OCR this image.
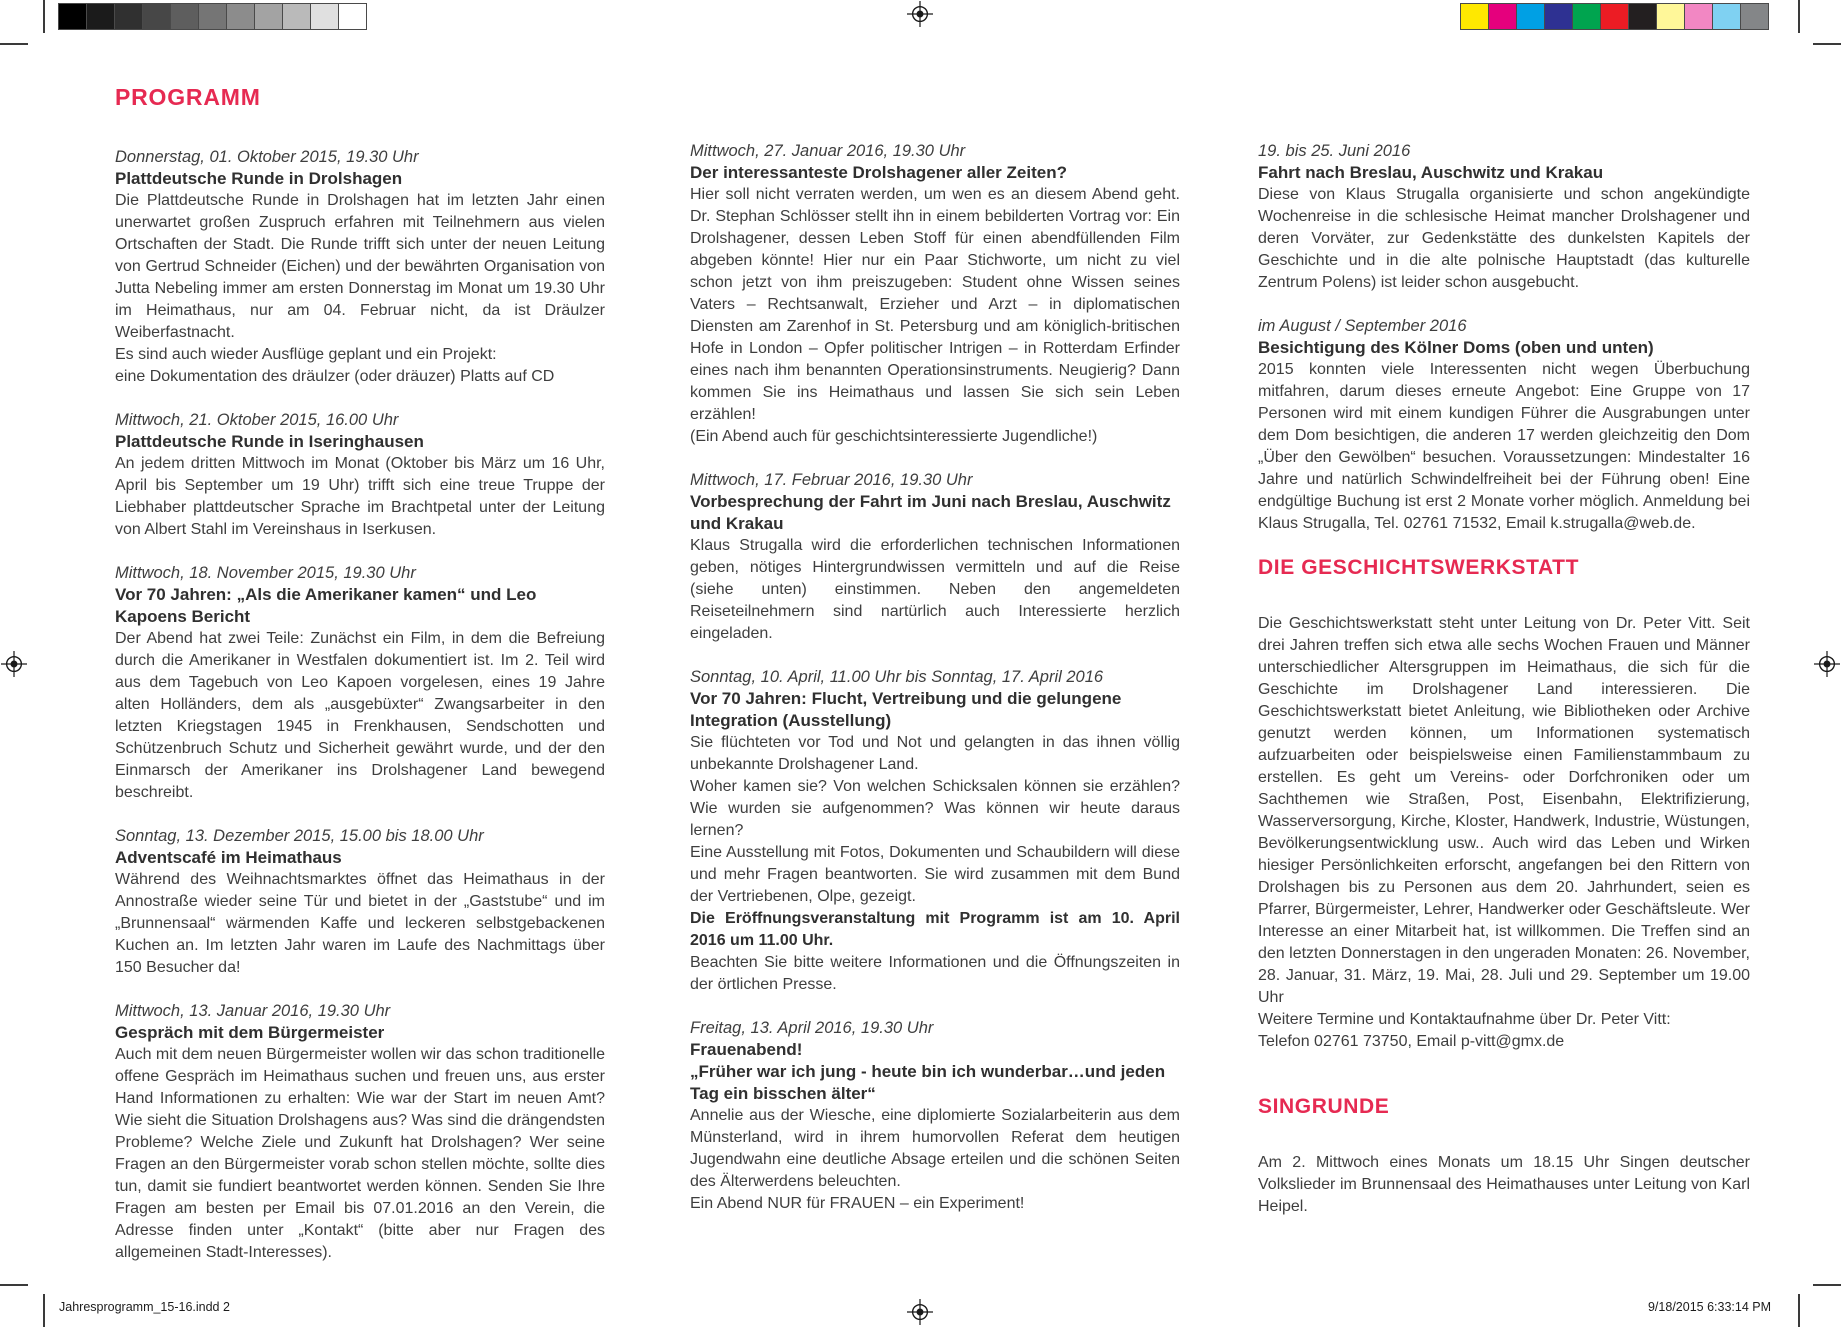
PROGRAMM

Donnerstag, 01. Oktober 2015, 19.30 Uhr

Plattdeutsche Runde in Drolshagen

Die Plattdeutsche Runde in Drolshagen hat im letzten Jahr einen unerwartet großen Zuspruch erfahren mit Teilnehmern aus vielen Ortschaften der Stadt. Die Runde trifft sich unter der neuen Leitung von Gertrud Schneider (Eichen) und der bewährten Organisation von Jutta Nebeling immer am ersten Donnerstag im Monat um 19.30 Uhr im Heimathaus, nur am 04. Februar nicht, da ist Dräulzer Weiberfastnacht.

Es sind auch wieder Ausflüge geplant und ein Projekt:

eine Dokumentation des dräulzer (oder dräuzer) Platts auf CD

Mittwoch, 21. Oktober 2015, 16.00 Uhr

Plattdeutsche Runde in Iseringhausen

An jedem dritten Mittwoch im Monat (Oktober bis März um 16 Uhr, April bis September um 19 Uhr) trifft sich eine treue Truppe der Liebhaber plattdeutscher Sprache im Brachtpetal unter der Leitung von Albert Stahl im Vereinshaus in Iserkusen.

Mittwoch, 18. November 2015, 19.30 Uhr

Vor 70 Jahren: „Als die Amerikaner kamen“ und Leo Kapoens Bericht

Der Abend hat zwei Teile: Zunächst ein Film, in dem die Befreiung durch die Amerikaner in Westfalen dokumentiert ist. Im 2. Teil wird aus dem Tagebuch von Leo Kapoen vorgelesen, eines 19 Jahre alten Holländers, dem als „ausgebüxter“ Zwangsarbeiter in den letzten Kriegstagen 1945 in Frenkhausen, Sendschotten und Schützenbruch Schutz und Sicherheit gewährt wurde, und der den Einmarsch der Amerikaner ins Drolshagener Land bewegend beschreibt.

Sonntag, 13. Dezember 2015, 15.00 bis 18.00 Uhr

Adventscafé im Heimathaus

Während des Weihnachtsmarktes öffnet das Heimathaus in der Annostraße wieder seine Tür und bietet in der „Gaststube“ und im „Brunnensaal“ wärmenden Kaffe und leckeren selbstgebackenen Kuchen an. Im letzten Jahr waren im Laufe des Nachmittags über 150 Besucher da!

Mittwoch, 13. Januar 2016, 19.30 Uhr

Gespräch mit dem Bürgermeister

Auch mit dem neuen Bürgermeister wollen wir das schon traditionelle offene Gespräch im Heimathaus suchen und freuen uns, aus erster Hand Informationen zu erhalten: Wie war der Start im neuen Amt? Wie sieht die Situation Drolshagens aus? Was sind die drängendsten Probleme? Welche Ziele und Zukunft hat Drolshagen? Wer seine Fragen an den Bürgermeister vorab schon stellen möchte, sollte dies tun, damit sie fundiert beantwortet werden können. Senden Sie Ihre Fragen am besten per Email bis 07.01.2016 an den Verein, die Adresse finden unter „Kontakt“ (bitte aber nur Fragen des allgemeinen Stadt-Interesses).

Mittwoch, 27. Januar 2016, 19.30 Uhr

Der interessanteste Drolshagener aller Zeiten?

Hier soll nicht verraten werden, um wen es an diesem Abend geht. Dr. Stephan Schlösser stellt ihn in einem bebilderten Vortrag vor: Ein Drolshagener, dessen Leben Stoff für einen abendfüllenden Film abgeben könnte! Hier nur ein Paar Stichworte, um nicht zu viel schon jetzt von ihm preiszugeben: Student ohne Wissen seines Vaters – Rechtsanwalt, Erzieher und Arzt – in diplomatischen Diensten am Zarenhof in St. Petersburg und am königlich-britischen Hofe in London – Opfer politischer Intrigen – in Rotterdam Erfinder eines nach ihm benannten Operationsinstruments. Neugierig? Dann kommen Sie ins Heimathaus und lassen Sie sich sein Leben erzählen!

(Ein Abend auch für geschichtsinteressierte Jugendliche!)

Mittwoch, 17. Februar 2016, 19.30 Uhr

Vorbesprechung der Fahrt im Juni nach Breslau, Auschwitz und Krakau

Klaus Strugalla wird die erforderlichen technischen Informationen geben, nötiges Hintergrundwissen vermitteln und auf die Reise (siehe unten) einstimmen. Neben den angemeldeten Reiseteilnehmern sind nartürlich auch Interessierte herzlich eingeladen.

Sonntag, 10. April, 11.00 Uhr bis Sonntag, 17. April 2016

Vor 70 Jahren: Flucht, Vertreibung und die gelungene Integration (Ausstellung)

Sie flüchteten vor Tod und Not und gelangten in das ihnen völlig unbekannte Drolshagener Land.

Woher kamen sie? Von welchen Schicksalen können sie erzählen? Wie wurden sie aufgenommen? Was können wir heute daraus lernen?

Eine Ausstellung mit Fotos, Dokumenten und Schaubildern will diese und mehr Fragen beantworten. Sie wird zusammen mit dem Bund der Vertriebenen, Olpe, gezeigt.

Die Eröffnungsveranstaltung mit Programm ist am 10. April 2016 um 11.00 Uhr.

Beachten Sie bitte weitere Informationen und die Öffnungszeiten in der örtlichen Presse.

Freitag, 13. April 2016, 19.30 Uhr

Frauenabend!
„Früher war ich jung - heute bin ich wunderbar…und jeden Tag ein bisschen älter“

Annelie aus der Wiesche, eine diplomierte Sozialarbeiterin aus dem Münsterland, wird in ihrem humorvollen Referat dem heutigen Jugendwahn eine deutliche Absage erteilen und die schönen Seiten des Älterwerdens beleuchten.

Ein Abend NUR für FRAUEN – ein Experiment!

19. bis 25. Juni 2016

Fahrt nach Breslau, Auschwitz und Krakau

Diese von Klaus Strugalla organisierte und schon angekündigte Wochenreise in die schlesische Heimat mancher Drolshagener und deren Vorväter, zur Gedenkstätte des dunkelsten Kapitels der Geschichte und in die alte polnische Hauptstadt (das kulturelle Zentrum Polens) ist leider schon ausgebucht.

im August / September 2016

Besichtigung des Kölner Doms (oben und unten)

2015 konnten viele Interessenten nicht wegen Überbuchung mitfahren, darum dieses erneute Angebot: Eine Gruppe von 17 Personen wird mit einem kundigen Führer die Ausgrabungen unter dem Dom besichtigen, die anderen 17 werden gleichzeitig den Dom „Über den Gewölben“ besuchen. Voraussetzungen: Mindestalter 16 Jahre und natürlich Schwindelfreiheit bei der Führung oben! Eine endgültige Buchung ist erst 2 Monate vorher möglich. Anmeldung bei Klaus Strugalla, Tel. 02761 71532, Email k.strugalla@web.de.

DIE GESCHICHTSWERKSTATT

Die Geschichtswerkstatt steht unter Leitung von Dr. Peter Vitt. Seit drei Jahren treffen sich etwa alle sechs Wochen Frauen und Männer unterschiedlicher Altersgruppen im Heimathaus, die sich für die Geschichte im Drolshagener Land interessieren. Die Geschichtswerkstatt bietet Anleitung, wie Bibliotheken oder Archive genutzt werden können, um Informationen systematisch aufzuarbeiten oder beispielsweise einen Familienstammbaum zu erstellen. Es geht um Vereins- oder Dorfchroniken oder um Sachthemen wie Straßen, Post, Eisenbahn, Elektrifizierung, Wasserversorgung, Kirche, Kloster, Handwerk, Industrie, Wüstungen, Bevölkerungsentwicklung usw.. Auch wird das Leben und Wirken hiesiger Persönlichkeiten erforscht, angefangen bei den Rittern von Drolshagen bis zu Personen aus dem 20. Jahrhundert, seien es Pfarrer, Bürgermeister, Lehrer, Handwerker oder Geschäftsleute. Wer Interesse an einer Mitarbeit hat, ist willkommen. Die Treffen sind an den letzten Donnerstagen in den ungeraden Monaten: 26. November, 28. Januar, 31. März, 19. Mai, 28. Juli und 29. September um 19.00 Uhr

Weitere Termine und Kontaktaufnahme über Dr. Peter Vitt:

Telefon 02761 73750, Email p-vitt@gmx.de

SINGRUNDE

Am 2. Mittwoch eines Monats um 18.15 Uhr Singen deutscher Volkslieder im Brunnensaal des Heimathauses unter Leitung von Karl Heipel.

Jahresprogramm_15-16.indd 2	9/18/2015 6:33:14 PM
